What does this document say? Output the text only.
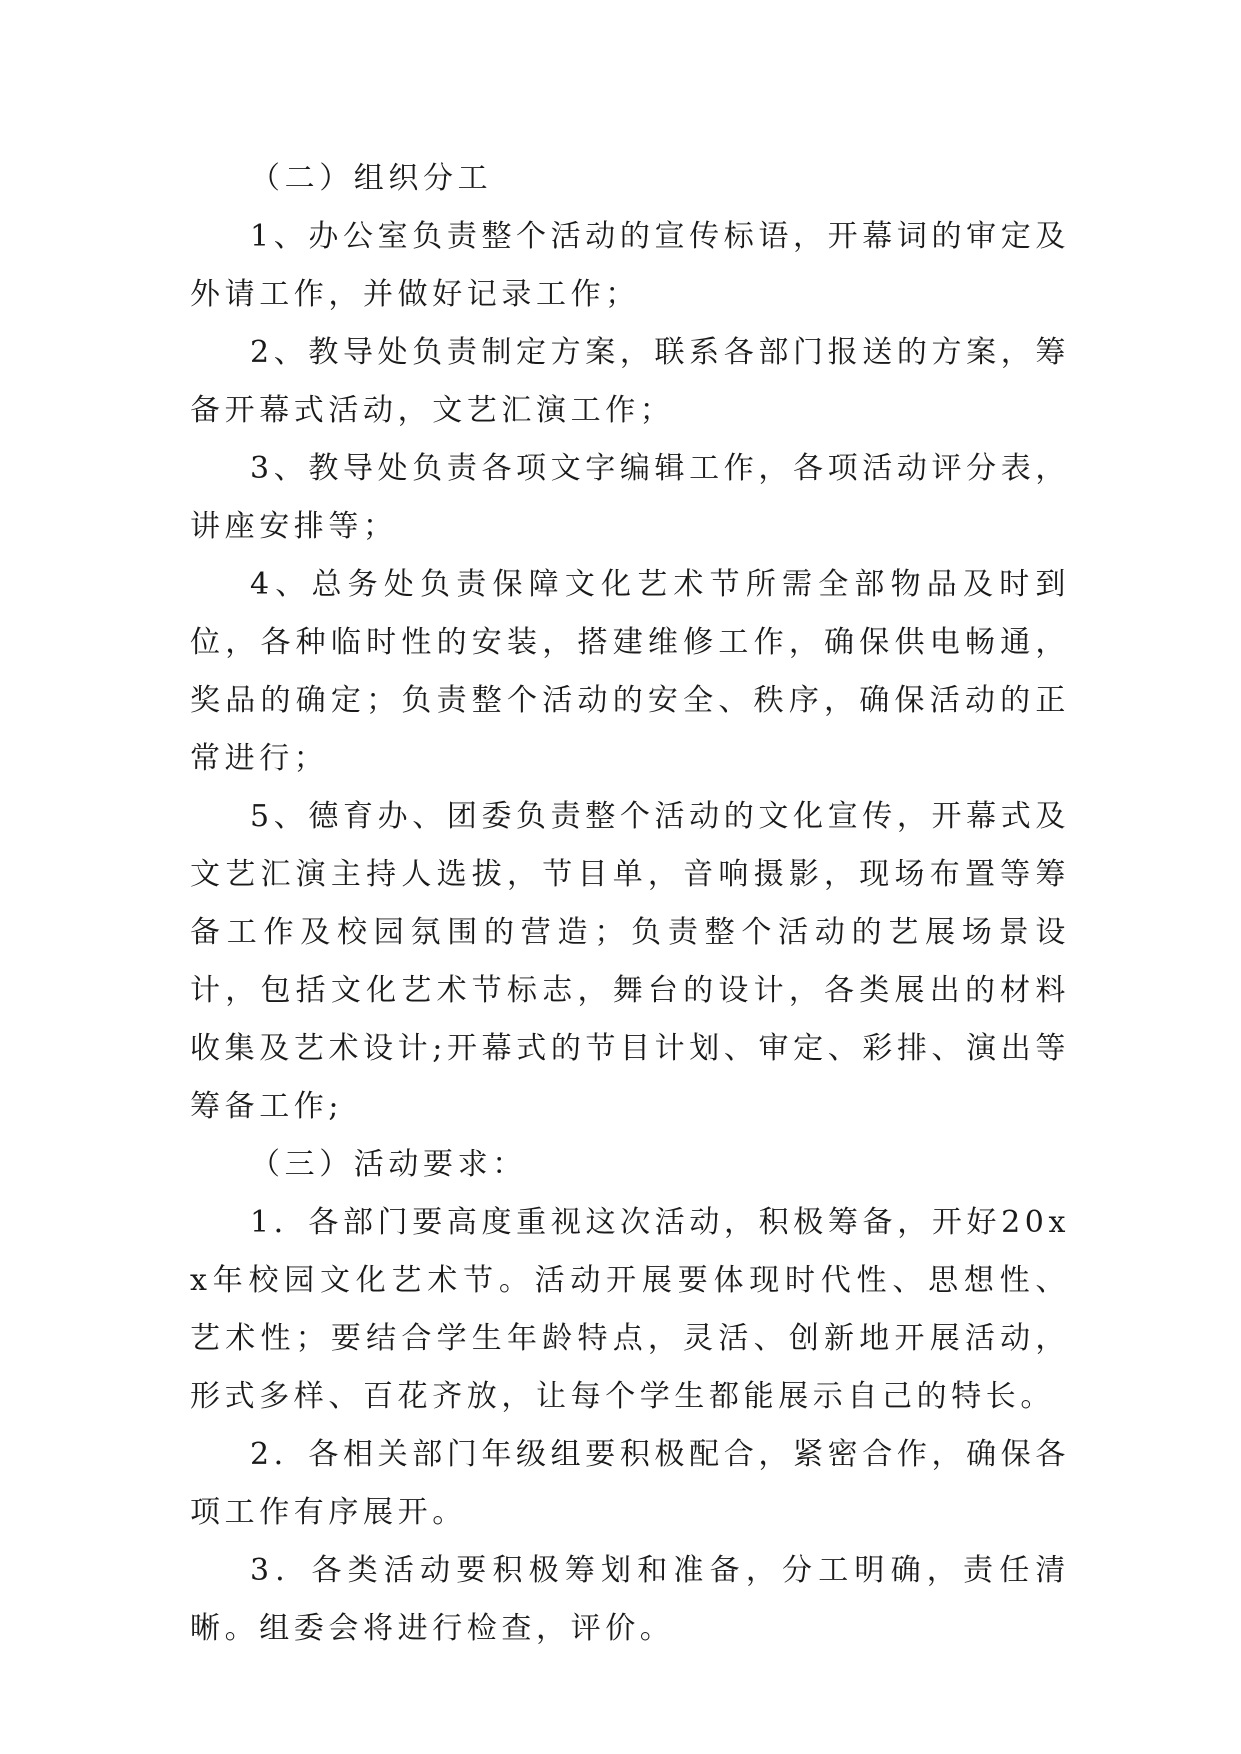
（二）组织分工

1、办公室负责整个活动的宣传标语，开幕词的审定及外请工作，并做好记录工作；

2、教导处负责制定方案，联系各部门报送的方案，筹备开幕式活动，文艺汇演工作；

3、教导处负责各项文字编辑工作，各项活动评分表，讲座安排等；

4、总务处负责保障文化艺术节所需全部物品及时到位，各种临时性的安装，搭建维修工作，确保供电畅通，奖品的确定；负责整个活动的安全、秩序，确保活动的正常进行；

5、德育办、团委负责整个活动的文化宣传，开幕式及文艺汇演主持人选拔，节目单，音响摄影，现场布置等筹备工作及校园氛围的营造；负责整个活动的艺展场景设计，包括文化艺术节标志，舞台的设计，各类展出的材料收集及艺术设计;开幕式的节目计划、审定、彩排、演出等筹备工作;

（三）活动要求：

1．各部门要高度重视这次活动，积极筹备，开好20xx年校园文化艺术节。活动开展要体现时代性、思想性、艺术性；要结合学生年龄特点，灵活、创新地开展活动，形式多样、百花齐放，让每个学生都能展示自己的特长。

2．各相关部门年级组要积极配合，紧密合作，确保各项工作有序展开。

3．各类活动要积极筹划和准备，分工明确，责任清晰。组委会将进行检查，评价。
